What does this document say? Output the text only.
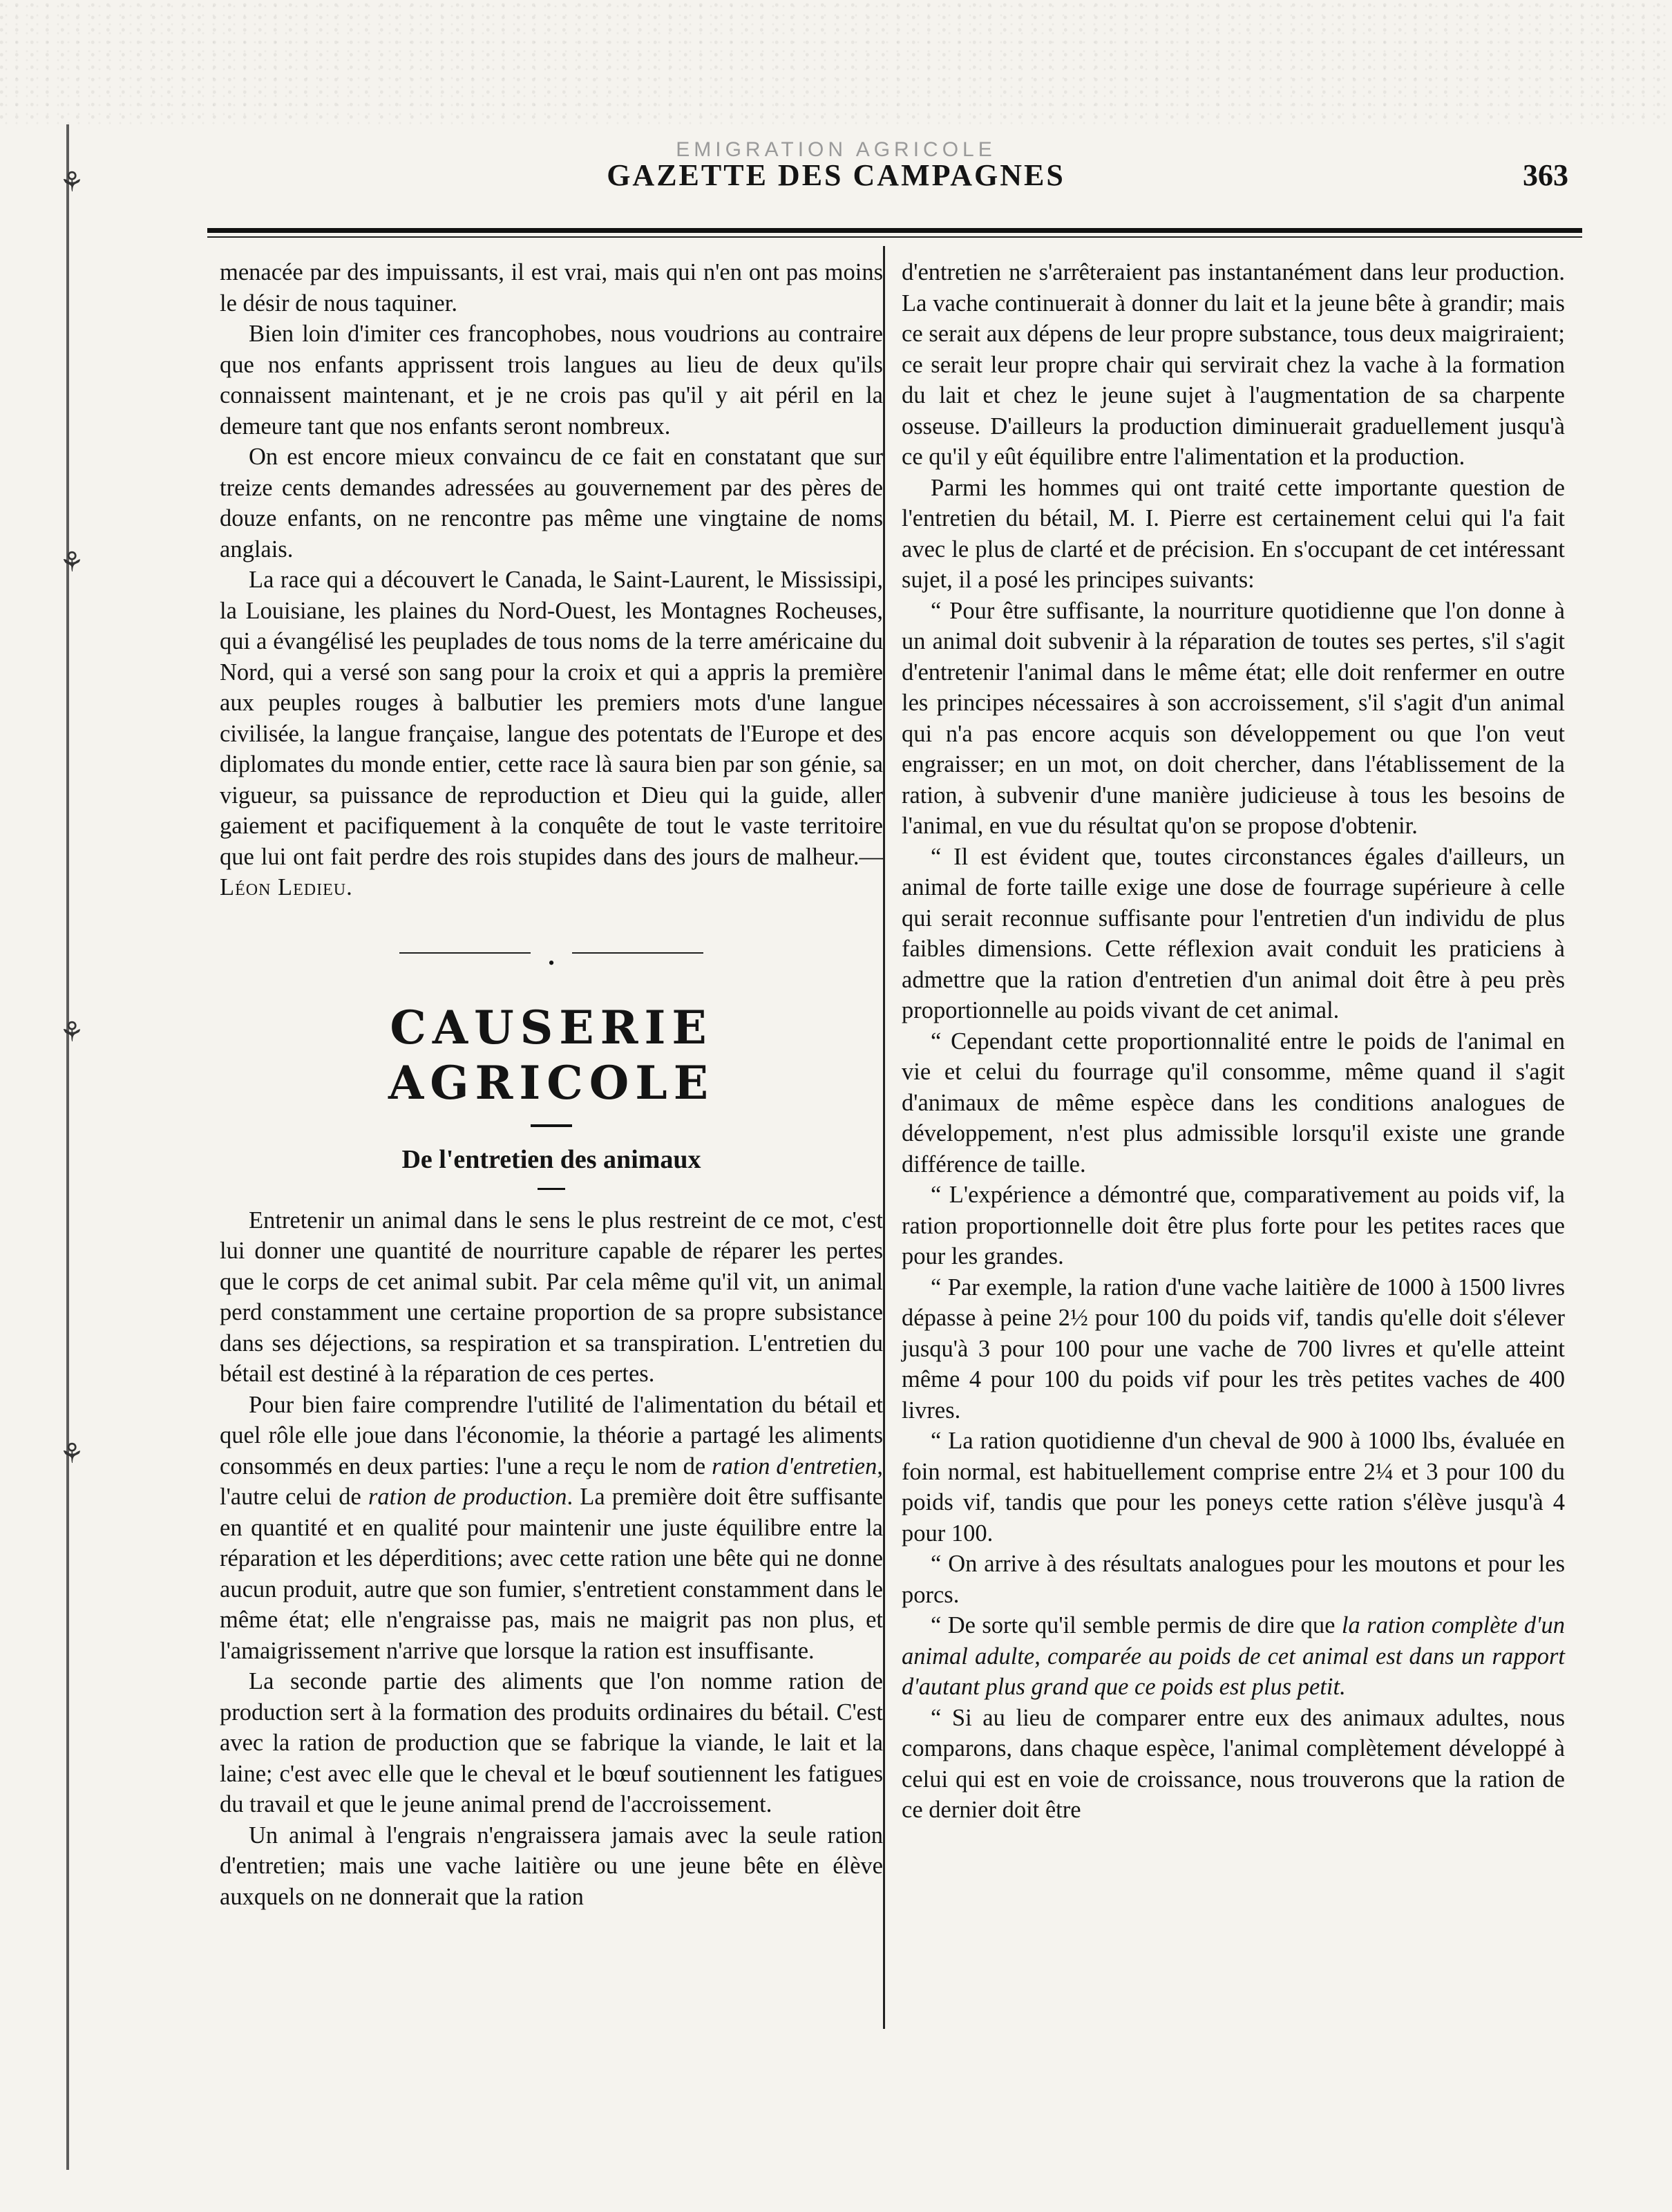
⚘
⚘
⚘
⚘
EMIGRATION AGRICOLE
GAZETTE DES CAMPAGNES	363

menacée par des impuissants, il est vrai, mais qui n'en ont pas moins le désir de nous taquiner.

Bien loin d'imiter ces francophobes, nous voudrions au contraire que nos enfants apprissent trois langues au lieu de deux qu'ils connaissent maintenant, et je ne crois pas qu'il y ait péril en la demeure tant que nos enfants seront nombreux.

On est encore mieux convaincu de ce fait en constatant que sur treize cents demandes adressées au gouvernement par des pères de douze enfants, on ne rencontre pas même une vingtaine de noms anglais.

La race qui a découvert le Canada, le Saint-Laurent, le Mississipi, la Louisiane, les plaines du Nord-Ouest, les Montagnes Rocheuses, qui a évangélisé les peuplades de tous noms de la terre américaine du Nord, qui a versé son sang pour la croix et qui a appris la première aux peuples rouges à balbutier les premiers mots d'une langue civilisée, la langue française, langue des potentats de l'Europe et des diplomates du monde entier, cette race là saura bien par son génie, sa vigueur, sa puissance de reproduction et Dieu qui la guide, aller gaiement et pacifiquement à la conquête de tout le vaste territoire que lui ont fait perdre des rois stupides dans des jours de malheur.—Léon Ledieu.

•
CAUSERIE AGRICOLE
De l'entretien des animaux

Entretenir un animal dans le sens le plus restreint de ce mot, c'est lui donner une quantité de nourriture capable de réparer les pertes que le corps de cet animal subit. Par cela même qu'il vit, un animal perd constamment une certaine proportion de sa propre subsistance dans ses déjections, sa respiration et sa transpiration. L'entretien du bétail est destiné à la réparation de ces pertes.

Pour bien faire comprendre l'utilité de l'alimentation du bétail et quel rôle elle joue dans l'économie, la théorie a partagé les aliments consommés en deux parties: l'une a reçu le nom de ration d'entretien, l'autre celui de ration de production. La première doit être suffisante en quantité et en qualité pour maintenir une juste équilibre entre la réparation et les déperditions; avec cette ration une bête qui ne donne aucun produit, autre que son fumier, s'entretient constamment dans le même état; elle n'engraisse pas, mais ne maigrit pas non plus, et l'amaigrissement n'arrive que lorsque la ration est insuffisante.

La seconde partie des aliments que l'on nomme ration de production sert à la formation des produits ordinaires du bétail. C'est avec la ration de production que se fabrique la viande, le lait et la laine; c'est avec elle que le cheval et le bœuf soutiennent les fatigues du travail et que le jeune animal prend de l'accroissement.

Un animal à l'engrais n'engraissera jamais avec la seule ration d'entretien; mais une vache laitière ou une jeune bête en élève auxquels on ne donnerait que la ration

d'entretien ne s'arrêteraient pas instantanément dans leur production. La vache continuerait à donner du lait et la jeune bête à grandir; mais ce serait aux dépens de leur propre substance, tous deux maigriraient; ce serait leur propre chair qui servirait chez la vache à la formation du lait et chez le jeune sujet à l'augmentation de sa charpente osseuse. D'ailleurs la production diminuerait graduellement jusqu'à ce qu'il y eût équilibre entre l'alimentation et la production.

Parmi les hommes qui ont traité cette importante question de l'entretien du bétail, M. I. Pierre est certainement celui qui l'a fait avec le plus de clarté et de précision. En s'occupant de cet intéressant sujet, il a posé les principes suivants:

“ Pour être suffisante, la nourriture quotidienne que l'on donne à un animal doit subvenir à la réparation de toutes ses pertes, s'il s'agit d'entretenir l'animal dans le même état; elle doit renfermer en outre les principes nécessaires à son accroissement, s'il s'agit d'un animal qui n'a pas encore acquis son développement ou que l'on veut engraisser; en un mot, on doit chercher, dans l'établissement de la ration, à subvenir d'une manière judicieuse à tous les besoins de l'animal, en vue du résultat qu'on se propose d'obtenir.

“ Il est évident que, toutes circonstances égales d'ailleurs, un animal de forte taille exige une dose de fourrage supérieure à celle qui serait reconnue suffisante pour l'entretien d'un individu de plus faibles dimensions. Cette réflexion avait conduit les praticiens à admettre que la ration d'entretien d'un animal doit être à peu près proportionnelle au poids vivant de cet animal.

“ Cependant cette proportionnalité entre le poids de l'animal en vie et celui du fourrage qu'il consomme, même quand il s'agit d'animaux de même espèce dans les conditions analogues de développement, n'est plus admissible lorsqu'il existe une grande différence de taille.

“ L'expérience a démontré que, comparativement au poids vif, la ration proportionnelle doit être plus forte pour les petites races que pour les grandes.

“ Par exemple, la ration d'une vache laitière de 1000 à 1500 livres dépasse à peine 2½ pour 100 du poids vif, tandis qu'elle doit s'élever jusqu'à 3 pour 100 pour une vache de 700 livres et qu'elle atteint même 4 pour 100 du poids vif pour les très petites vaches de 400 livres.

“ La ration quotidienne d'un cheval de 900 à 1000 lbs, évaluée en foin normal, est habituellement comprise entre 2¼ et 3 pour 100 du poids vif, tandis que pour les poneys cette ration s'élève jusqu'à 4 pour 100.

“ On arrive à des résultats analogues pour les moutons et pour les porcs.

“ De sorte qu'il semble permis de dire que la ration complète d'un animal adulte, comparée au poids de cet animal est dans un rapport d'autant plus grand que ce poids est plus petit.

“ Si au lieu de comparer entre eux des animaux adultes, nous comparons, dans chaque espèce, l'animal complètement développé à celui qui est en voie de croissance, nous trouverons que la ration de ce dernier doit être
